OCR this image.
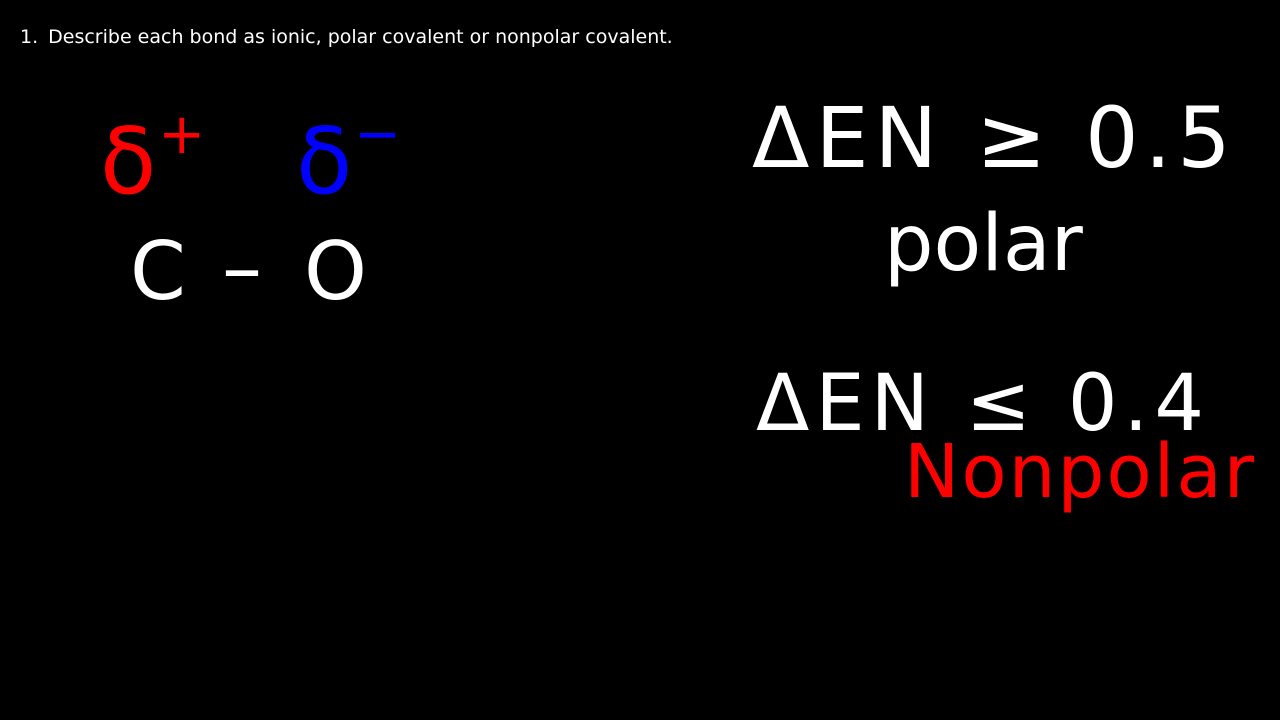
1. Describe each bond as ionic, polar covalent or nonpolar covalent.
δ+ δ−
C – O
ΔEN ≥ 0.5
polar
ΔEN ≤ 0.4
Nonpolar
